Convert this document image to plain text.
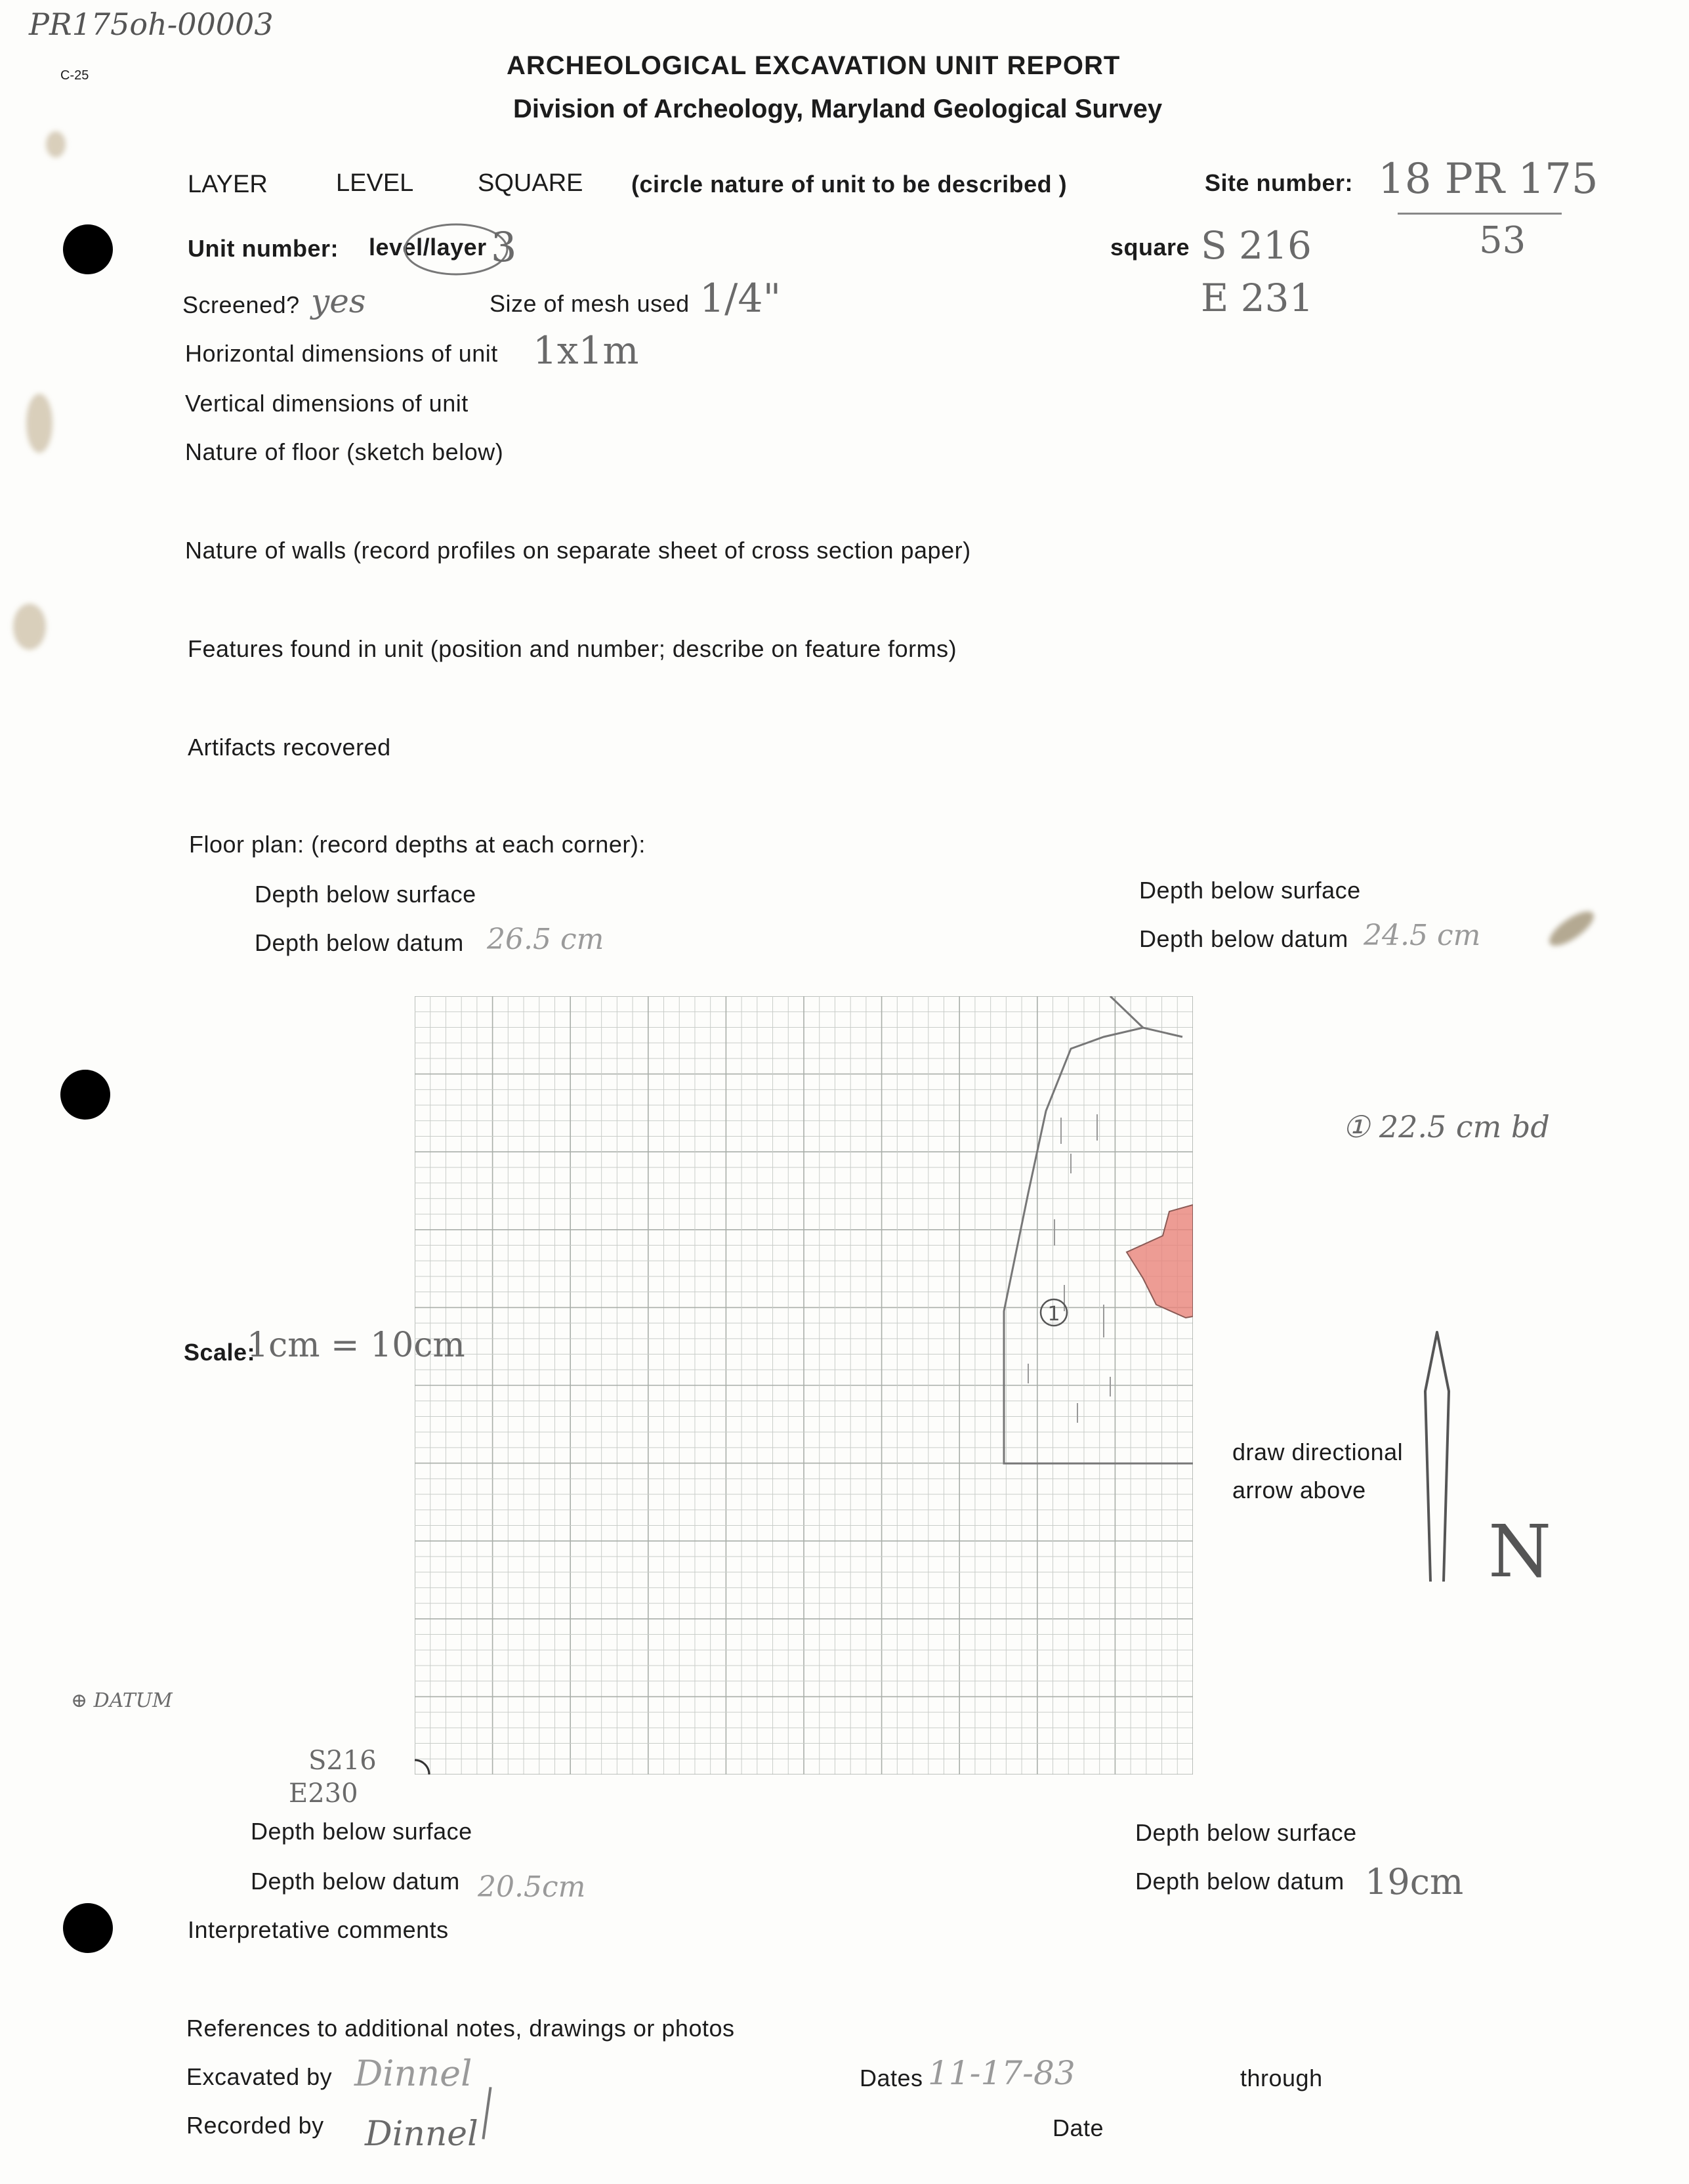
PR175oh-00003
C-25	ARCHEOLOGICAL EXCAVATION UNIT REPORT
Division of Archeology, Maryland Geological Survey
LAYER	LEVEL	SQUARE (circle nature of unit to be described )	Site number: 18 PR 175
53
Unit number: level/layer 3	square S 216
E 231
Screened? yes	Size of mesh used 1/4"
Horizontal dimensions of unit 1x1m
Vertical dimensions of unit
Nature of floor (sketch below)
Nature of walls (record profiles on separate sheet of cross section paper)
Features found in unit (position and number; describe on feature forms)
Artifacts recovered
Floor plan: (record depths at each corner):
Depth below surface
Depth below datum 26.5 cm
Depth below surface
Depth below datum 24.5 cm
1
① 22.5 cm bd
Scale:
1cm = 10cm
draw directional
arrow above
N
⊕ DATUM
S216
E230
Depth below surface
Depth below datum 20.5cm
Depth below surface
Depth below datum 19cm
Interpretative comments
References to additional notes, drawings or photos
Excavated by Dinnel	Dates 11-17-83	through
Recorded by Dinnel	Date
